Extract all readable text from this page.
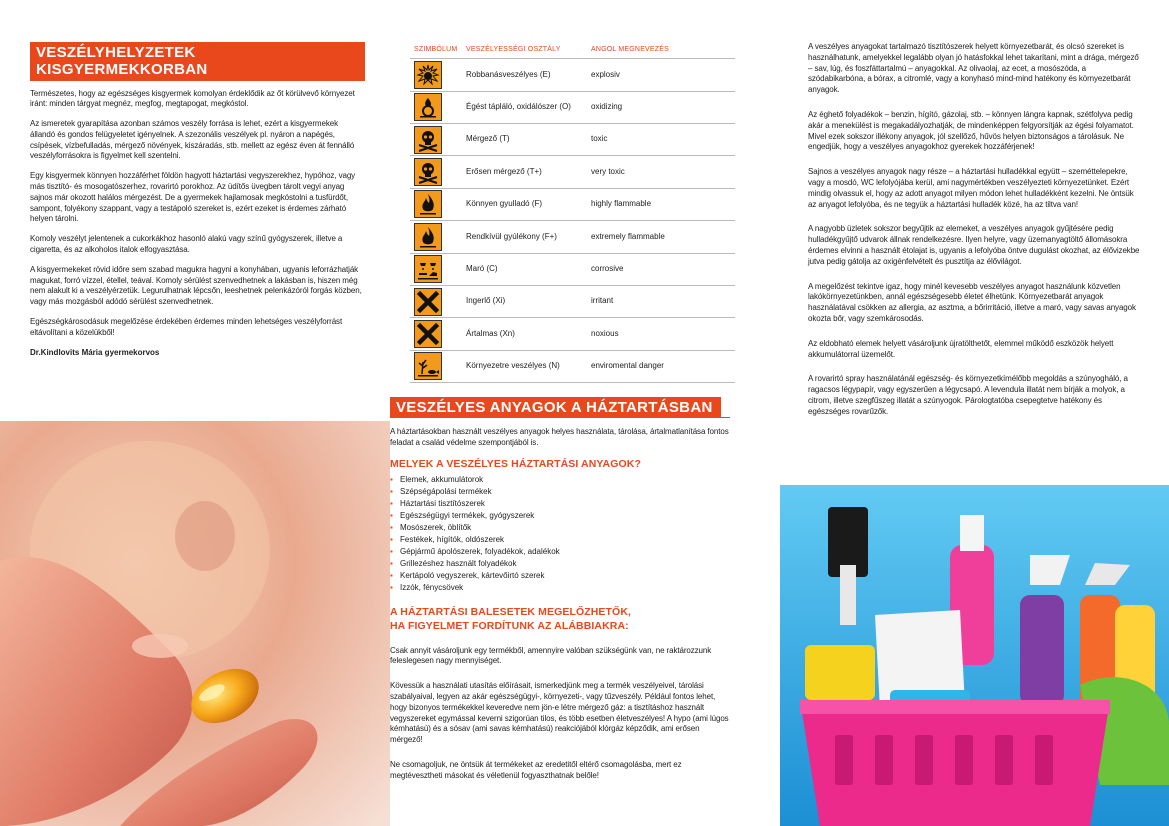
VESZÉLYHELYZETEK KISGYERMEKKORBAN

Természetes, hogy az egészséges kisgyermek komolyan érdeklődik az őt körülvevő környezet iránt: minden tárgyat megnéz, megfog, megtapogat, megkóstol.

Az ismeretek gyarapítása azonban számos veszély forrása is lehet, ezért a kisgyermekek állandó és gondos felügyeletet igényelnek. A szezonális veszélyek pl. nyáron a napégés, csípések, vízbefulladás, mérgező növények, kiszáradás, stb. mellett az egész éven át fennálló veszélyforrásokra is figyelmet kell szentelni.

Egy kisgyermek könnyen hozzáférhet földön hagyott háztartási vegyszerekhez, hypóhoz, vagy más tisztító- és mosogatószerhez, rovarirtó porokhoz. Az üdítős üvegben tárolt vegyi anyag sajnos már okozott halálos mérgezést. De a gyermekek hajlamosak megkóstolni a tusfürdőt, sampont, folyékony szappant, vagy a testápoló szereket is, ezért ezeket is érdemes zárható helyen tárolni.

Komoly veszélyt jelentenek a cukorkákhoz hasonló alakú vagy színű gyógyszerek, illetve a cigaretta, és az alkoholos italok elfogyasztása.

A kisgyermekeket rövid időre sem szabad magukra hagyni a konyhában, ugyanis leforrázhatják magukat, forró vízzel, étellel, teával. Komoly sérülést szenvedhetnek a lakásban is, hiszen még nem alakult ki a veszélyérzetük. Legurulhatnak lépcsőn, leeshetnek pelenkázóról forgás közben, vagy más mozgásból adódó sérülést szenvedhetnek.

Egészségkárosodásuk megelőzése érdekében érdemes minden lehetséges veszélyforrást eltávolítani a közelükből!

Dr.Kindlovits Mária gyermekorvos
SZIMBÓLUM	VESZÉLYESSÉGI OSZTÁLY	ANGOL MEGNEVEZÉS

	Robbanásveszélyes (E)	explosiv

	Égést tápláló, oxidálószer (O)	oxidizing

	Mérgező (T)	toxic

	Erősen mérgező (T+)	very toxic

	Könnyen gyulladó (F)	highly flammable

	Rendkívül gyúlékony (F+)	extremely flammable

	Maró (C)	corrosive

	Ingerlő (Xi)	irritant

	Ártalmas (Xn)	noxious

	Környezetre veszélyes (N)	enviromental danger
VESZÉLYES ANYAGOK A HÁZTARTÁSBAN

A háztartásokban használt veszélyes anyagok helyes használata, tárolása, ártalmatlanítása fontos feladat a család védelme szempontjából is.

MELYEK A VESZÉLYES HÁZTARTÁSI ANYAGOK?
▪ Elemek, akkumulátorok
▪ Szépségápolási termékek
▪ Háztartási tisztítószerek
▪ Egészségügyi termékek, gyógyszerek
▪ Mosószerek, öblítők
▪ Festékek, hígítók, oldószerek
▪ Gépjármű ápolószerek, folyadékok, adalékok
▪ Grillezéshez használt folyadékok
▪ Kertápoló vegyszerek, kártevőirtó szerek
▪ Izzók, fénycsövek
A HÁZTARTÁSI BALESETEK MEGELŐZHETŐK,
HA FIGYELMET FORDÍTUNK AZ ALÁBBIAKRA:

Csak annyit vásároljunk egy termékből, amennyire valóban szükségünk van, ne raktározzunk feleslegesen nagy mennyiséget.

Kövessük a használati utasítás előírásait, ismerkedjünk meg a termék veszélyeivel, tárolási szabályaival, legyen az akár egészségügyi-, környezeti-, vagy tűzveszély. Például fontos lehet, hogy bizonyos termékekkel keveredve nem jön-e létre mérgező gáz: a tisztításhoz használt vegyszereket egymással keverni szigorúan tilos, és több esetben életveszélyes! A hypo (ami lúgos kémhatású) és a sósav (ami savas kémhatású) reakciójából klórgáz képződik, ami erősen mérgező!

Ne csomagoljuk, ne öntsük át termékeket az eredetitől eltérő csomagolásba, mert ez megtévesztheti másokat és véletlenül fogyaszthatnak belőle!

A veszélyes anyagokat tartalmazó tisztítószerek helyett környezetbarát, és olcsó szereket is használhatunk, amelyekkel legalább olyan jó hatásfokkal lehet takarítani, mint a drága, mérgező – sav, lúg, és foszfáttartalmú – anyagokkal. Az olivaolaj, az ecet, a mosószóda, a szódabikarbóna, a bórax, a citromlé, vagy a konyhasó mind-mind hatékony és környezetbarát anyagok.

Az éghető folyadékok – benzin, hígító, gázolaj, stb. – könnyen lángra kapnak, szétfolyva pedig akár a menekülést is megakadályozhatják, de mindenképpen felgyorsítják az égési folyamatot. Mivel ezek sokszor illékony anyagok, jól szellőző, hűvös helyen biztonságos a tárolásuk. Ne engedjük, hogy a veszélyes anyagokhoz gyerekek hozzáférjenek!

Sajnos a veszélyes anyagok nagy része – a háztartási hulladékkal együtt – szeméttelepekre, vagy a mosdó, WC lefolyójába kerül, ami nagymértékben veszélyezteti környezetünket. Ezért mindig olvassuk el, hogy az adott anyagot milyen módon lehet hulladékként kezelni. Ne öntsük az anyagot lefolyóba, és ne tegyük a háztartási hulladék közé, ha az tiltva van!

A nagyobb üzletek sokszor begyűjtik az elemeket, a veszélyes anyagok gyűjtésére pedig hulladékgyűjtő udvarok állnak rendelkezésre. Ilyen helyre, vagy üzemanyagtöltő állomásokra érdemes elvinni a használt étolajat is, ugyanis a lefolyóba öntve dugulást okozhat, az élővizekbe jutva pedig gátolja az oxigénfelvételt és pusztítja az élővilágot.

A megelőzést tekintve igaz, hogy minél kevesebb veszélyes anyagot használunk közvetlen lakókörnyezetünkben, annál egészségesebb életet élhetünk. Környezetbarát anyagok használatával csökken az allergia, az asztma, a bőrirritáció, illetve a maró, vagy savas anyagok okozta bőr, vagy szemkárosodás.

Az eldobható elemek helyett vásároljunk újratölthetőt, elemmel működő eszközök helyett akkumulátorral üzemelőt.

A rovarirtó spray használatánál egészség- és környezetkímélőbb megoldás a szúnyogháló, a ragacsos légypapír, vagy egyszerűen a légycsapó. A levendula illatát nem bírják a molyok, a citrom, illetve szegfűszeg illatát a szúnyogok. Párologtatóba csepegtetve hatékony és egészséges rovarűzők.
